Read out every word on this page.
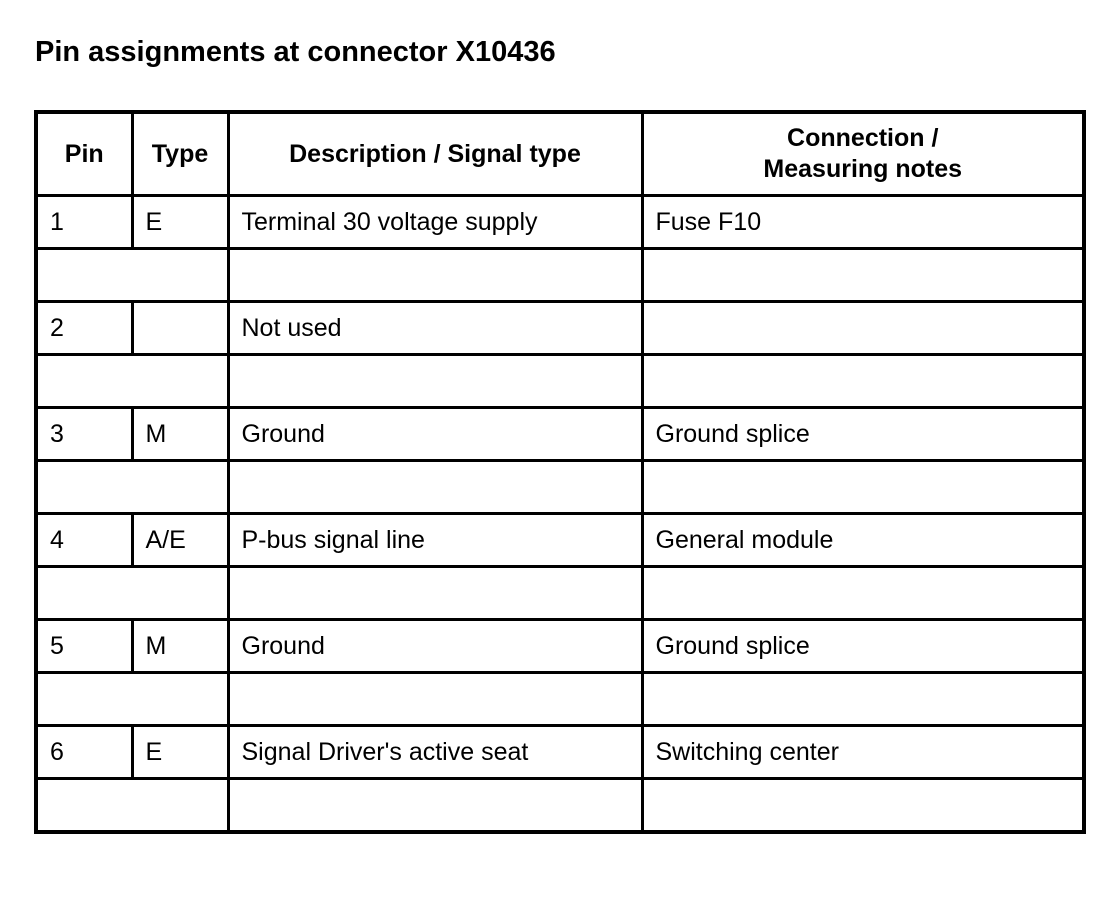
Pin assignments at connector X10436
Pin	Type	Description / Signal type	Connection /
Measuring notes

1	E	Terminal 30 voltage supply	Fuse F10

2		Not used	

3	M	Ground	Ground splice

4	A/E	P-bus signal line	General module

5	M	Ground	Ground splice

6	E	Signal Driver's active seat	Switching center
